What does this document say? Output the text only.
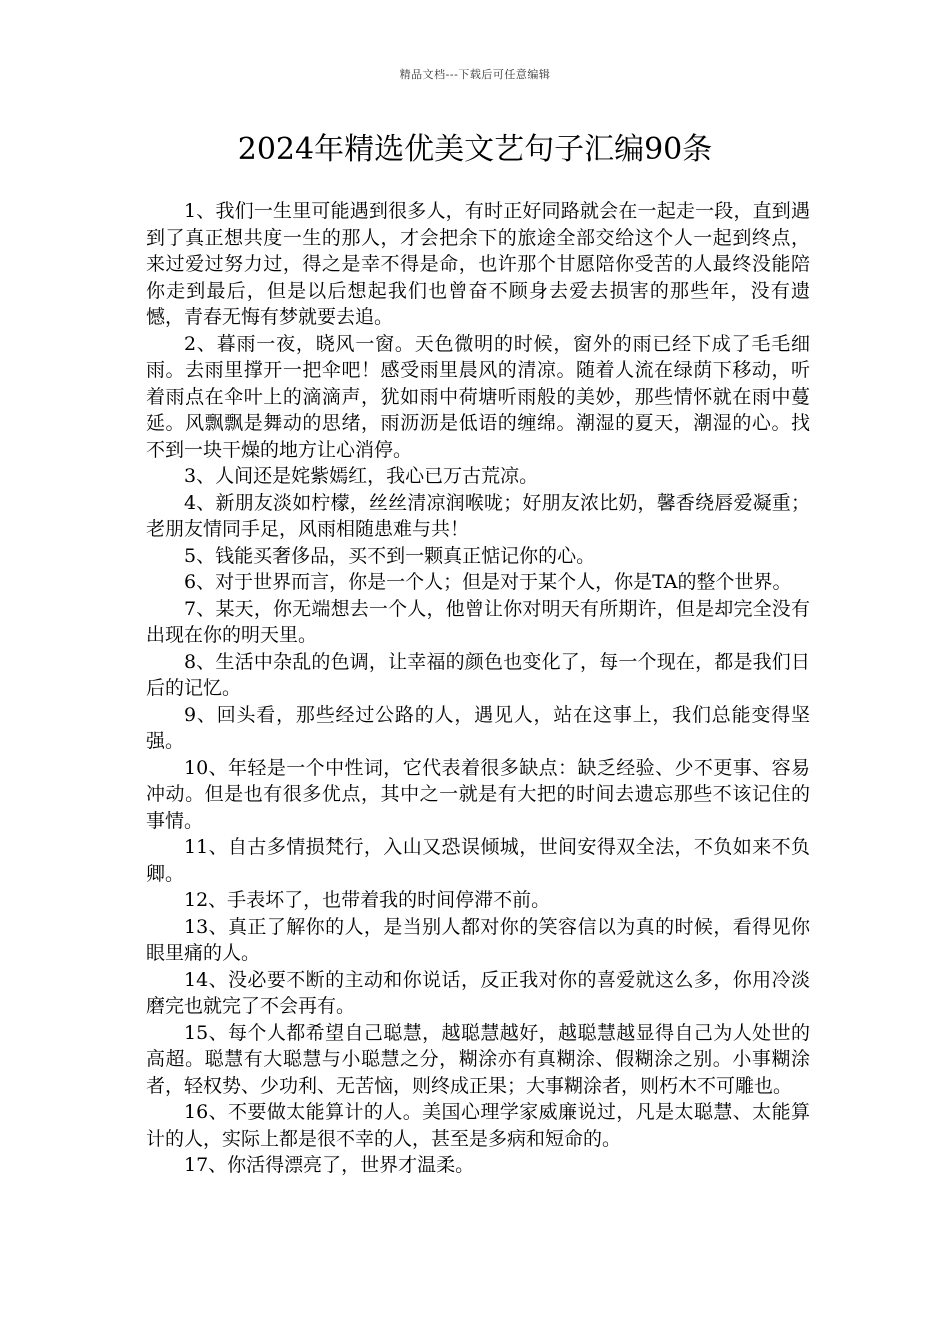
精品文档---下载后可任意编辑
2024年精选优美文艺句子汇编90条

1、我们一生里可能遇到很多人，有时正好同路就会在一起走一段，直到遇到了真正想共度一生的那人，才会把余下的旅途全部交给这个人一起到终点，来过爱过努力过，得之是幸不得是命，也许那个甘愿陪你受苦的人最终没能陪你走到最后，但是以后想起我们也曾奋不顾身去爱去损害的那些年，没有遗憾，青春无悔有梦就要去追。

2、暮雨一夜，晓风一窗。天色微明的时候，窗外的雨已经下成了毛毛细雨。去雨里撑开一把伞吧！感受雨里晨风的清凉。随着人流在绿荫下移动，听着雨点在伞叶上的滴滴声，犹如雨中荷塘听雨般的美妙，那些情怀就在雨中蔓延。风飘飘是舞动的思绪，雨沥沥是低语的缠绵。潮湿的夏天，潮湿的心。找不到一块干燥的地方让心消停。

3、人间还是姹紫嫣红，我心已万古荒凉。

4、新朋友淡如柠檬，丝丝清凉润喉咙；好朋友浓比奶，馨香绕唇爱凝重；老朋友情同手足，风雨相随患难与共！

5、钱能买奢侈品，买不到一颗真正惦记你的心。

6、对于世界而言，你是一个人；但是对于某个人，你是TA的整个世界。

7、某天，你无端想去一个人，他曾让你对明天有所期许，但是却完全没有出现在你的明天里。

8、生活中杂乱的色调，让幸福的颜色也变化了，每一个现在，都是我们日后的记忆。

9、回头看，那些经过公路的人，遇见人，站在这事上，我们总能变得坚强。

10、年轻是一个中性词，它代表着很多缺点：缺乏经验、少不更事、容易冲动。但是也有很多优点，其中之一就是有大把的时间去遗忘那些不该记住的事情。

11、自古多情损梵行，入山又恐误倾城，世间安得双全法，不负如来不负卿。

12、手表坏了，也带着我的时间停滞不前。

13、真正了解你的人，是当别人都对你的笑容信以为真的时候，看得见你眼里痛的人。

14、没必要不断的主动和你说话，反正我对你的喜爱就这么多，你用冷淡磨完也就完了不会再有。

15、每个人都希望自己聪慧，越聪慧越好，越聪慧越显得自己为人处世的高超。聪慧有大聪慧与小聪慧之分，糊涂亦有真糊涂、假糊涂之别。小事糊涂者，轻权势、少功利、无苦恼，则终成正果；大事糊涂者，则朽木不可雕也。

16、不要做太能算计的人。美国心理学家威廉说过，凡是太聪慧、太能算计的人，实际上都是很不幸的人，甚至是多病和短命的。

17、你活得漂亮了，世界才温柔。
